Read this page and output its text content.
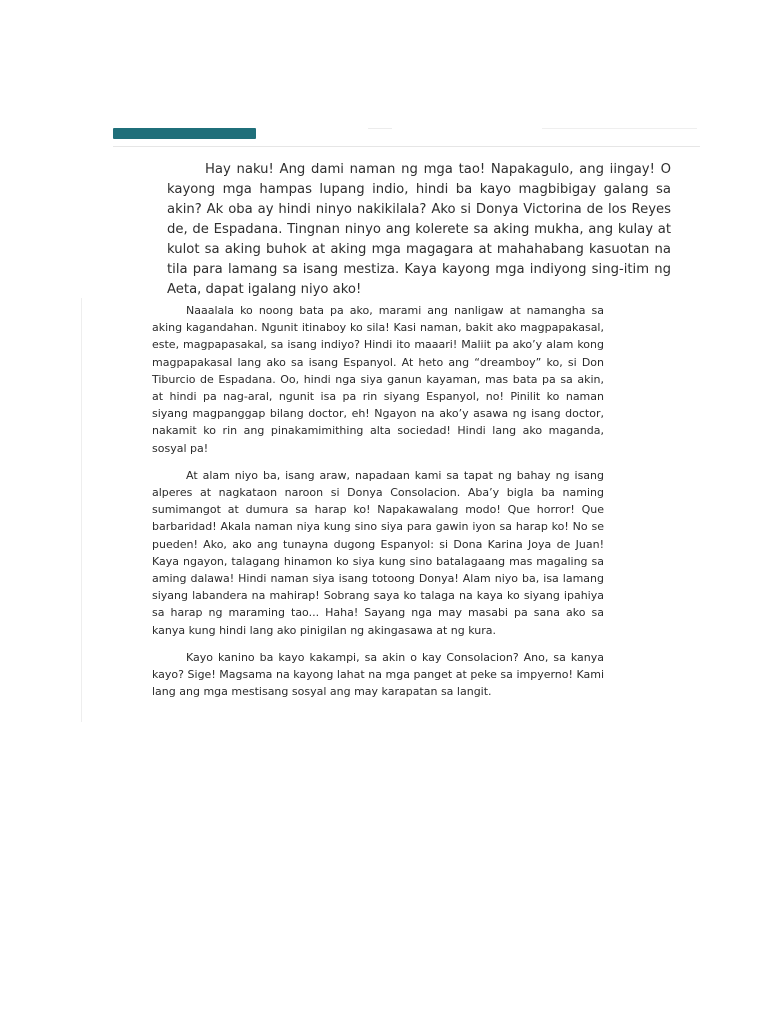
Hay naku! Ang dami naman ng mga tao! Napakagulo, ang iingay! O kayong mga hampas lupang indio, hindi ba kayo magbibigay galang sa akin? Ak oba ay hindi ninyo nakikilala? Ako si Donya Victorina de los Reyes de, de Espadana. Tingnan ninyo ang kolerete sa aking mukha, ang kulay at kulot sa aking buhok at aking mga magagara at mahahabang kasuotan na tila para lamang sa isang mestiza. Kaya kayong mga indiyong sing-itim ng Aeta, dapat igalang niyo ako!

Naaalala ko noong bata pa ako, marami ang nanligaw at namangha sa aking kagandahan. Ngunit itinaboy ko sila! Kasi naman, bakit ako magpapakasal, este, magpapasakal, sa isang indiyo? Hindi ito maaari! Maliit pa ako’y alam kong magpapakasal lang ako sa isang Espanyol. At heto ang “dreamboy” ko, si Don Tiburcio de Espadana. Oo, hindi nga siya ganun kayaman, mas bata pa sa akin, at hindi pa nag-aral, ngunit isa pa rin siyang Espanyol, no! Pinilit ko naman siyang magpanggap bilang doctor, eh! Ngayon na ako’y asawa ng isang doctor, nakamit ko rin ang pinakamimithing alta sociedad! Hindi lang ako maganda, sosyal pa!

At alam niyo ba, isang araw, napadaan kami sa tapat ng bahay ng isang alperes at nagkataon naroon si Donya Consolacion. Aba’y bigla ba naming sumimangot at dumura sa harap ko! Napakawalang modo! Que horror! Que barbaridad! Akala naman niya kung sino siya para gawin iyon sa harap ko! No se pueden! Ako, ako ang tunayna dugong Espanyol: si Dona Karina Joya de Juan! Kaya ngayon, talagang hinamon ko siya kung sino batalagaang mas magaling sa aming dalawa! Hindi naman siya isang totoong Donya! Alam niyo ba, isa lamang siyang labandera na mahirap! Sobrang saya ko talaga na kaya ko siyang ipahiya sa harap ng maraming tao... Haha! Sayang nga may masabi pa sana ako sa kanya kung hindi lang ako pinigilan ng akingasawa at ng kura.

Kayo kanino ba kayo kakampi, sa akin o kay Consolacion? Ano, sa kanya kayo? Sige! Magsama na kayong lahat na mga panget at peke sa impyerno! Kami lang ang mga mestisang sosyal ang may karapatan sa langit.
